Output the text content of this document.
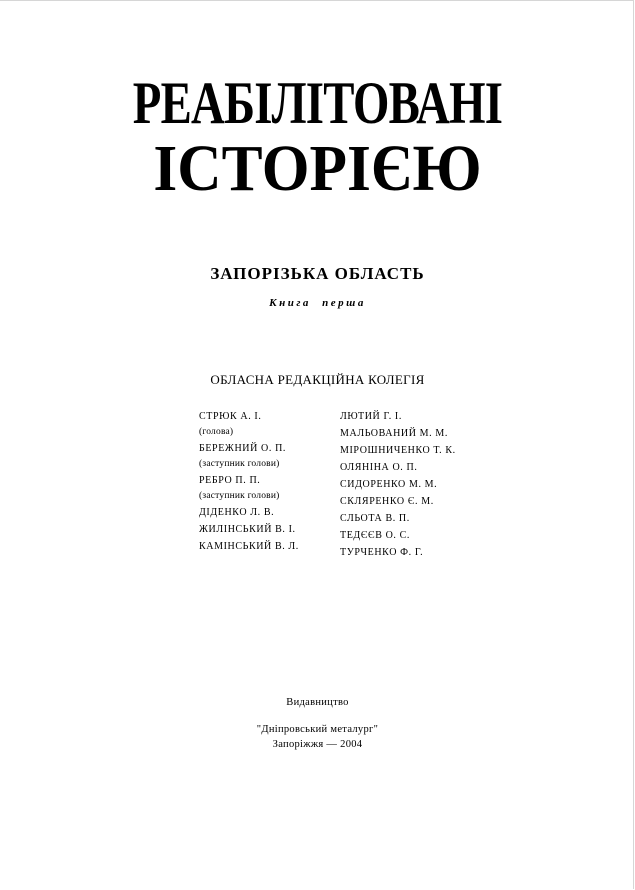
РЕАБІЛІТОВАНІ
ІСТОРІЄЮ
ЗАПОРІЗЬКА ОБЛАСТЬ
Книга перша
ОБЛАСНА РЕДАКЦІЙНА КОЛЕГІЯ
СТРЮК А. І.
(голова)
БЕРЕЖНИЙ О. П.
(заступник голови)
РЕБРО П. П.
(заступник голови)
ДІДЕНКО Л. В.
ЖИЛІНСЬКИЙ В. І.
КАМІНСЬКИЙ В. Л.
ЛЮТИЙ Г. І.
МАЛЬОВАНИЙ М. М.
МІРОШНИЧЕНКО Т. К.
ОЛЯНІНА О. П.
СИДОРЕНКО М. М.
СКЛЯРЕНКО Є. М.
СЛЬОТА В. П.
ТЕДЄЄВ О. С.
ТУРЧЕНКО Ф. Г.
Видавництво
"Дніпровський металург"
Запоріжжя — 2004
